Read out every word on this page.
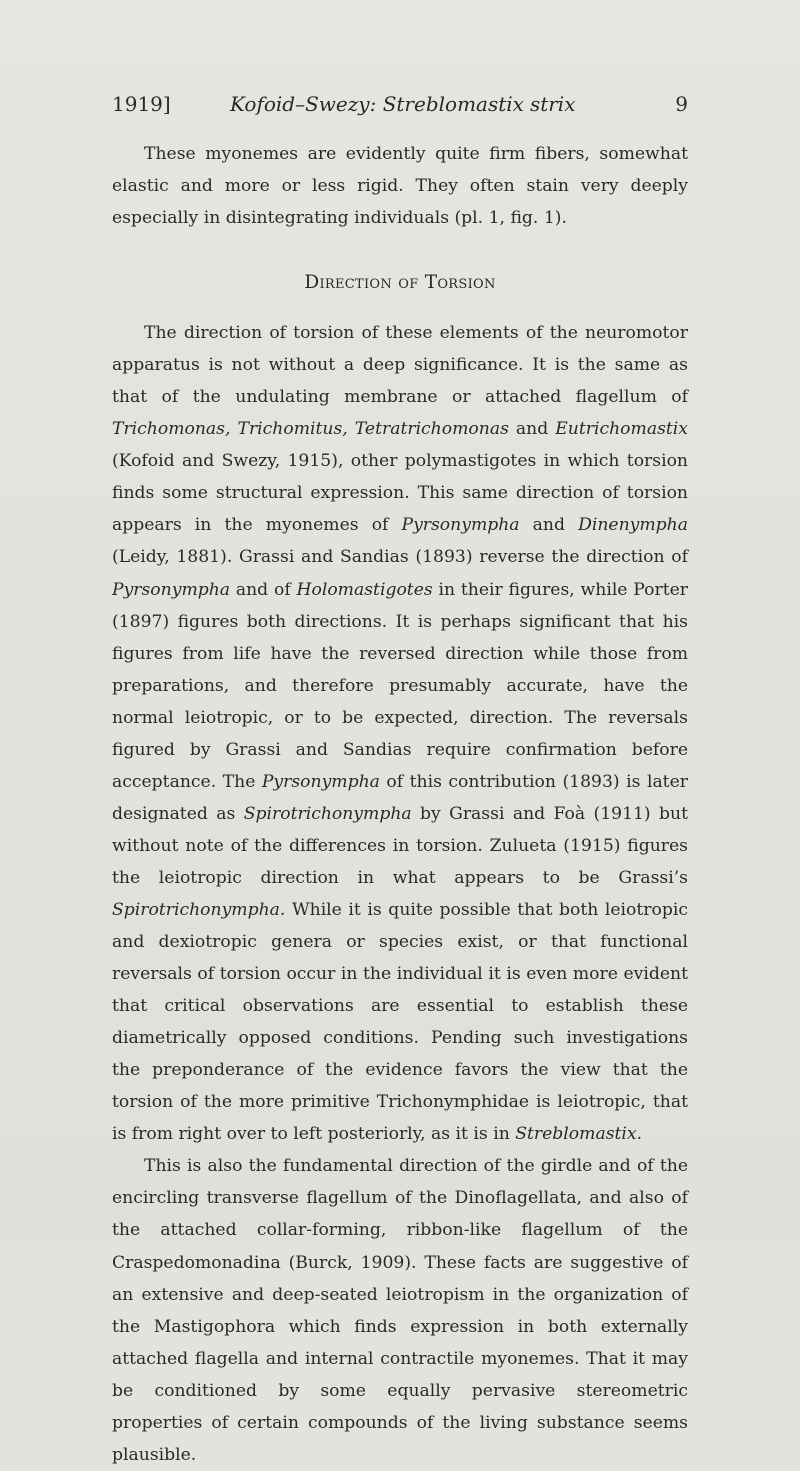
1919]	Kofoid–Swezy: Streblomastix strix	9

These myonemes are evidently quite firm fibers, somewhat elastic and more or less rigid. They often stain very deeply especially in disintegrating individuals (pl. 1, fig. 1).

Direction of Torsion

The direction of torsion of these elements of the neuromotor apparatus is not without a deep significance. It is the same as that of the undulating membrane or attached flagellum of Trichomonas, Trichomitus, Tetratrichomonas and Eutrichomastix (Kofoid and Swezy, 1915), other polymastigotes in which torsion finds some structural expression. This same direction of torsion appears in the myonemes of Pyrsonympha and Dinenympha (Leidy, 1881). Grassi and Sandias (1893) reverse the direction of Pyrsonympha and of Holomastigotes in their figures, while Porter (1897) figures both directions. It is perhaps significant that his figures from life have the reversed direction while those from preparations, and therefore presumably accurate, have the normal leiotropic, or to be expected, direction. The reversals figured by Grassi and Sandias require confirmation before acceptance. The Pyrsonympha of this contribution (1893) is later designated as Spirotrichonympha by Grassi and Foà (1911) but without note of the differences in torsion. Zulueta (1915) figures the leiotropic direction in what appears to be Grassi’s Spirotrichonympha. While it is quite possible that both leiotropic and dexiotropic genera or species exist, or that functional reversals of torsion occur in the individual it is even more evident that critical observations are essential to establish these diametrically opposed conditions. Pending such investigations the preponderance of the evidence favors the view that the torsion of the more primitive Trichonymphidae is leiotropic, that is from right over to left posteriorly, as it is in Streblomastix.

This is also the fundamental direction of the girdle and of the encircling transverse flagellum of the Dinoflagellata, and also of the attached collar-forming, ribbon-like flagellum of the Craspedomonadina (Burck, 1909). These facts are suggestive of an extensive and deep-seated leiotropism in the organization of the Mastigophora which finds expression in both externally attached flagella and internal contractile myonemes. That it may be conditioned by some equally pervasive stereometric properties of certain compounds of the living substance seems plausible.
